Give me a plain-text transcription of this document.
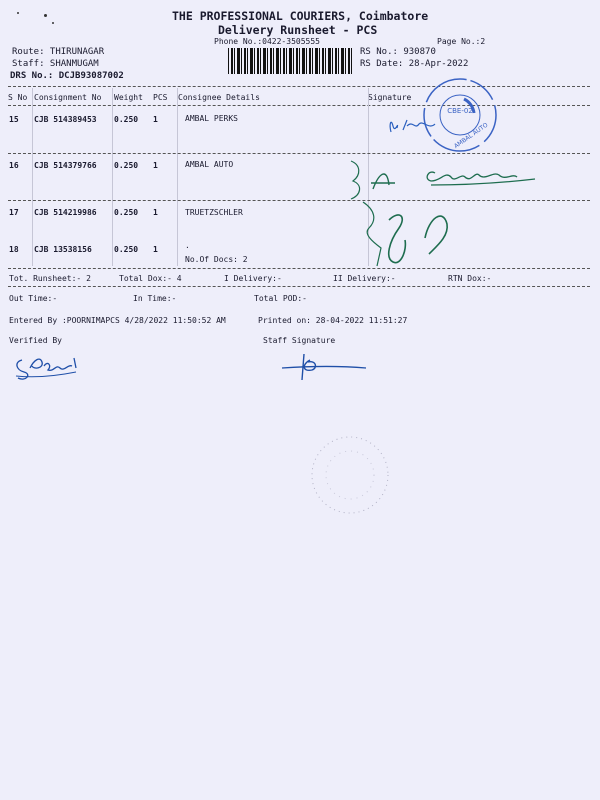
THE PROFESSIONAL COURIERS, Coimbatore
Delivery Runsheet - PCS
Phone No.:0422-3505555	Page No.:2
Route: THIRUNAGAR
Staff: SHANMUGAM
DRS No.: DCJB93087002
RS No.: 930870
RS Date: 28-Apr-2022
S No Consignment No Weight PCS Consignee Details	Signature
15 CJB 514389453 0.250 1	AMBAL PERKS
16 CJB 514379766 0.250 1	AMBAL AUTO
17 CJB 514219986 0.250 1	TRUETZSCHLER
18 CJB 13538156	0.250 1	.
No.Of Docs: 2
Tot. Runsheet:- 2	Total Dox:- 4	I Delivery:-	II Delivery:-	RTN Dox:-
Out Time:-	In Time:-	Total POD:-
Entered By :POORNIMAPCS 4/28/2022 11:50:52 AM	Printed on: 28-04-2022 11:51:27
Verified By	Staff Signature
CBE-02
AMBAL AUTO
